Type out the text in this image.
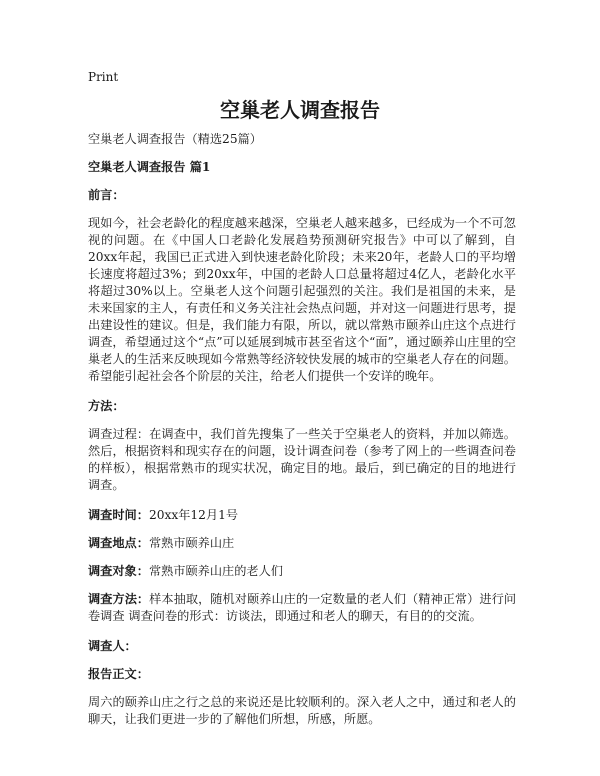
Print
空巢老人调查报告

空巢老人调查报告（精选25篇）

空巢老人调查报告 篇1

前言：

现如今，社会老龄化的程度越来越深，空巢老人越来越多，已经成为一个不可忽视的问题。在《中国人口老龄化发展趋势预测研究报告》中可以了解到，自20xx年起，我国已正式进入到快速老龄化阶段；未来20年，老龄人口的平均增长速度将超过3%；到20xx年，中国的老龄人口总量将超过4亿人，老龄化水平将超过30%以上。空巢老人这个问题引起强烈的关注。我们是祖国的未来，是未来国家的主人，有责任和义务关注社会热点问题，并对这一问题进行思考，提出建设性的建议。但是，我们能力有限，所以，就以常熟市颐养山庄这个点进行调查，希望通过这个“点”可以延展到城市甚至省这个“面”，通过颐养山庄里的空巢老人的生活来反映现如今常熟等经济较快发展的城市的空巢老人存在的问题。希望能引起社会各个阶层的关注，给老人们提供一个安详的晚年。

方法：

调查过程：在调查中，我们首先搜集了一些关于空巢老人的资料，并加以筛选。然后，根据资料和现实存在的问题，设计调查问卷（参考了网上的一些调查问卷的样板），根据常熟市的现实状况，确定目的地。最后，到已确定的目的地进行调查。

调查时间：20xx年12月1号

调查地点：常熟市颐养山庄

调查对象：常熟市颐养山庄的老人们

调查方法：样本抽取，随机对颐养山庄的一定数量的老人们（精神正常）进行问卷调查 调查问卷的形式：访谈法，即通过和老人的聊天，有目的的交流。

调查人：

报告正文：

周六的颐养山庄之行之总的来说还是比较顺利的。深入老人之中，通过和老人的聊天，让我们更进一步的了解他们所想，所感，所愿。
